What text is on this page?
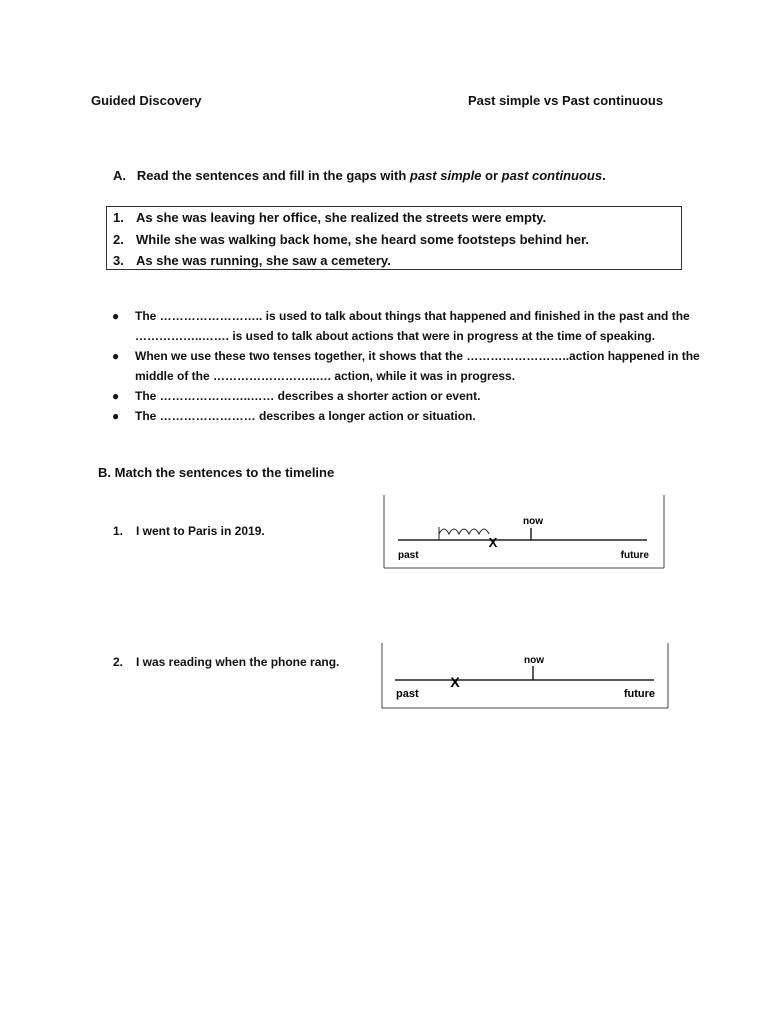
Guided Discovery	Past simple vs Past continuous
A. Read the sentences and fill in the gaps with past simple or past continuous.
1. As she was leaving her office, she realized the streets were empty.
2. While she was walking back home, she heard some footsteps behind her.
3. As she was running, she saw a cemetery.
● The …………………….. is used to talk about things that happened and finished in the past and the ……………..……. is used to talk about actions that were in progress at the time of speaking.
● When we use these two tenses together, it shows that the ……………………..action happened in the middle of the ……………………..…. action, while it was in progress.
● The …………………..…… describes a shorter action or event.
● The …………………… describes a longer action or situation.
B. Match the sentences to the timeline
1. I went to Paris in 2019.
2. I was reading when the phone rang.
now
X
past	future
now
X
past	future
